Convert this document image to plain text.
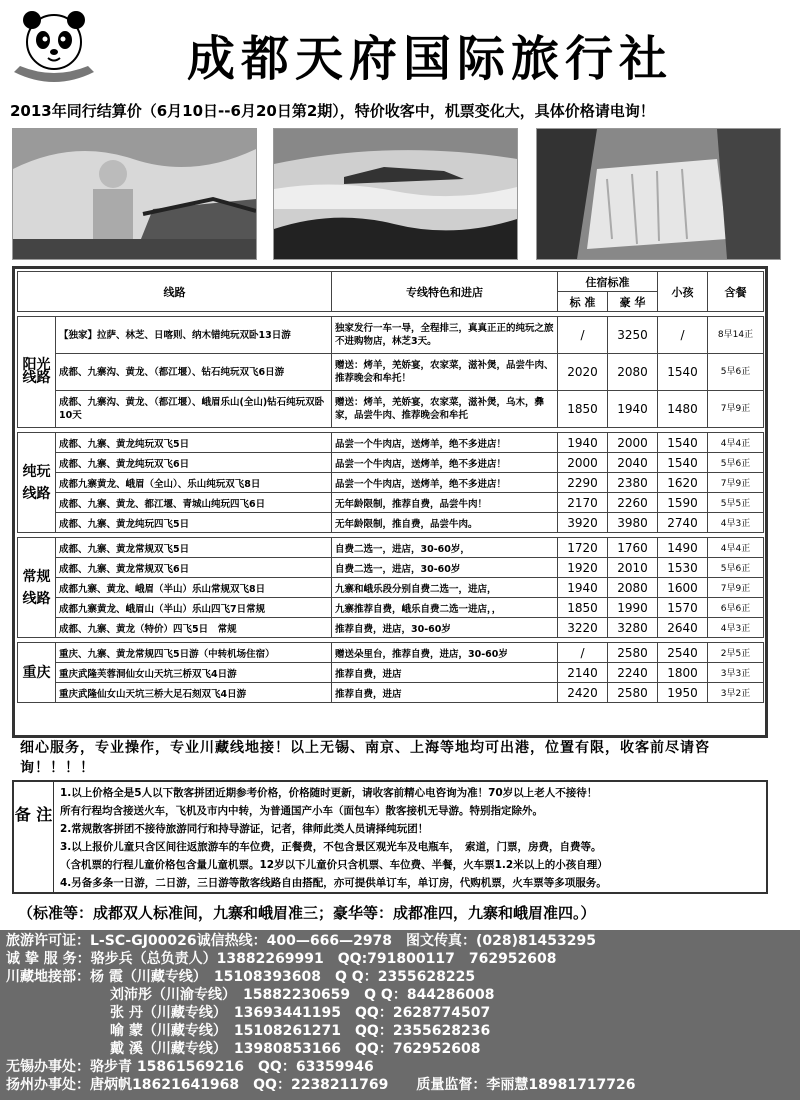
成都天府国际旅行社
2013年同行结算价（6月10日--6月20日第2期），特价收客中，机票变化大，具体价格请电询！
线路		专线特色和进店	住宿标准		小孩	含餐
			标 准	豪 华		

阳光线路	【独家】拉萨、林芝、日喀则、纳木错纯玩双卧13日游	独家发行一车一导，全程排三，真真正正的纯玩之旅不进购物店，林芝3天。	/	3250	/	8早14正
	成都、九寨沟、黄龙、（都江堰）、钻石纯玩双飞6日游	赠送：烤羊，羌娇宴，农家菜，滋补煲，品尝牛肉、推荐晚会和牟托！	2020	2080	1540	5早6正
	成都、九寨沟、黄龙、（都江堰）、峨眉乐山(全山)钻石纯玩双卧10天	赠送：烤羊，羌娇宴，农家菜，滋补煲，乌木，彝家，品尝牛肉、推荐晚会和牟托	1850	1940	1480	7早9正

纯玩线路	成都、九寨、黄龙纯玩双飞5日	品尝一个牛肉店，送烤羊，绝不多进店！	1940	2000	1540	4早4正
	成都、九寨、黄龙纯玩双飞6日	品尝一个牛肉店，送烤羊，绝不多进店！	2000	2040	1540	5早6正
	成都九寨黄龙、峨眉（全山）、乐山纯玩双飞8日	品尝一个牛肉店，送烤羊，绝不多进店！	2290	2380	1620	7早9正
	成都、九寨、黄龙、都江堰、青城山纯玩四飞6日	无年龄限制，推荐自费，品尝牛肉！	2170	2260	1590	5早5正
	成都、九寨、黄龙纯玩四飞5日	无年龄限制，推自费，品尝牛肉。	3920	3980	2740	4早3正

常规线路	成都、九寨、黄龙常规双飞5日	自费二选一，进店，30-60岁，	1720	1760	1490	4早4正
	成都、九寨、黄龙常规双飞6日	自费二选一，进店，30-60岁	1920	2010	1530	5早6正
	成都九寨、黄龙、峨眉（半山）乐山常规双飞8日	九寨和峨乐段分别自费二选一，进店，	1940	2080	1600	7早9正
	成都九寨黄龙、峨眉山（半山）乐山四飞7日常规	九寨推荐自费，峨乐自费二选一进店，，	1850	1990	1570	6早6正
	成都、九寨、黄龙（特价）四飞5日　常规	推荐自费，进店，30-60岁	3220	3280	2640	4早3正

重庆	重庆、九寨、黄龙常规四飞5日游（中转机场住宿）	赠送朵里台，推荐自费，进店，30-60岁	/	2580	2540	2早5正
	重庆武隆芙蓉洞仙女山天坑三桥双飞4日游	推荐自费，进店	2140	2240	1800	3早3正
	重庆武隆仙女山天坑三桥大足石刻双飞4日游	推荐自费，进店	2420	2580	1950	3早2正
细心服务，专业操作，专业川藏线地接！以上无锡、南京、上海等地均可出港，位置有限，收客前尽请咨询！！！！
备 注
1.以上价格全是5人以下散客拼团近期参考价格，价格随时更新，请收客前精心电咨询为准！70岁以上老人不接待！
所有行程均含接送火车，飞机及市内中转，为普通国产小车（面包车）散客接机无导游。特别指定除外。
2.常规散客拼团不接待旅游同行和持导游证，记者，律师此类人员请择纯玩团！
3.以上报价儿童只含区间往返旅游车的车位费，正餐费，不包含景区观光车及电瓶车，　索道，门票，房费，自费等。
（含机票的行程儿童价格包含量儿童机票。12岁以下儿童价只含机票、车位费、半餐，火车票1.2米以上的小孩自理）
4.另备多条一日游，二日游，三日游等散客线路自由搭配，亦可提供单订车，单订房，代购机票，火车票等多项服务。
（标准等：成都双人标准间，九寨和峨眉准三；豪华等：成都准四，九寨和峨眉准四。）
旅游许可证：L-SC-GJ00026诚信热线：400—666—2978　图文传真：(028)81453295
诚 挚 服 务：骆步兵（总负责人）13882269991　QQ:791800117　762952608
川藏地接部：杨 霞（川藏专线）　15108393608　Q Q：2355628225
刘沛彤（川渝专线）　15882230659　Q Q：844286008
张 丹（川藏专线）　13693441195　QQ：2628774507
喻 蒙（川藏专线）　15108261271　QQ：2355628236
戴 溪（川藏专线）　13980853166　QQ：762952608
无锡办事处：骆步青 15861569216　QQ：63359946
扬州办事处：唐炳帆18621641968　QQ：2238211769　　质量监督：李丽慧18981717726
